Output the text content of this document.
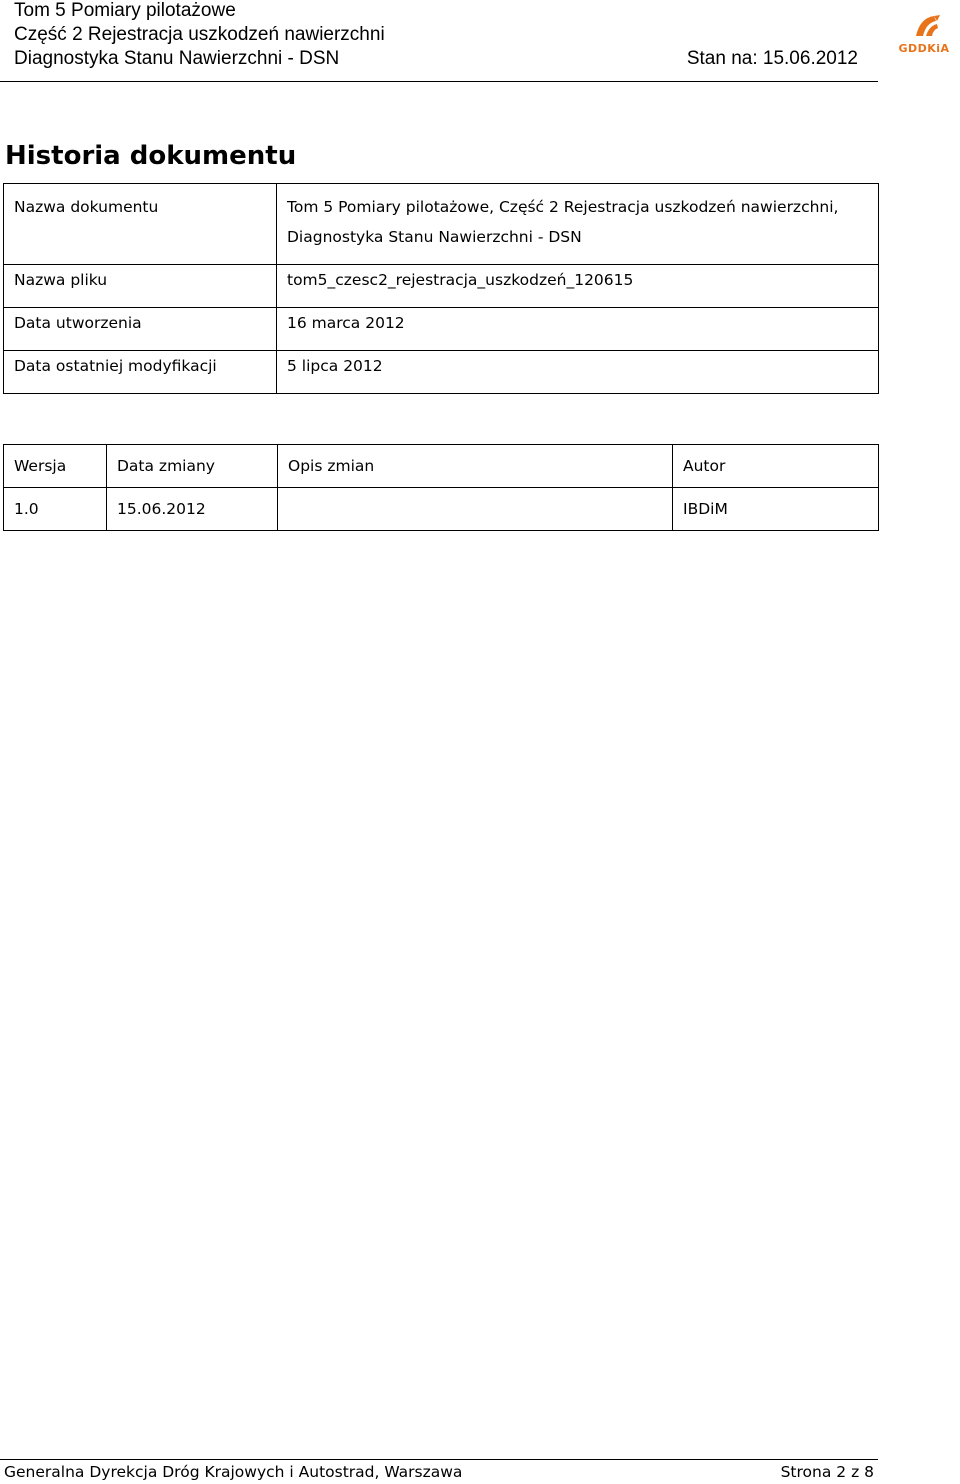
Tom 5 Pomiary pilotażowe
Część 2 Rejestracja uszkodzeń nawierzchni
Diagnostyka Stanu Nawierzchni - DSN	Stan na: 15.06.2012	GDDKiA
Historia dokumentu
Nazwa dokumentu	Tom 5 Pomiary pilotażowe, Część 2 Rejestracja uszkodzeń nawierzchni, Diagnostyka Stanu Nawierzchni - DSN
Nazwa pliku	tom5_czesc2_rejestracja_uszkodzeń_120615
Data utworzenia	16 marca 2012
Data ostatniej modyfikacji	5 lipca 2012
Wersja	Data zmiany	Opis zmian	Autor
1.0	15.06.2012		IBDiM
Generalna Dyrekcja Dróg Krajowych i Autostrad, Warszawa	Strona 2 z 8
